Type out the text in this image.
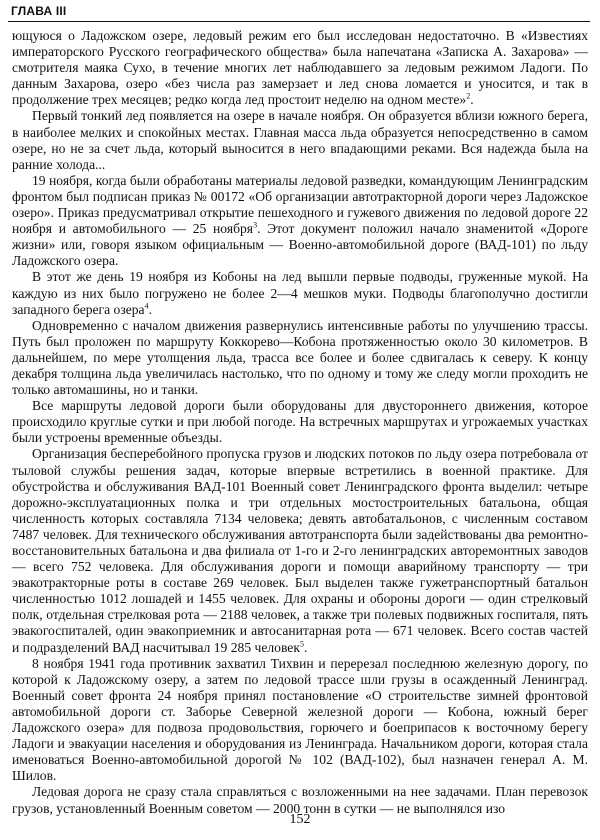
ГЛАВА III

ющуюся о Ладожском озере, ледовый режим его был исследован недостаточно. В «Известиях императорского Русского географического общества» была напечатана «Записка А. Захарова» — смотрителя маяка Сухо, в течение многих лет наблюдавшего за ледовым режимом Ладоги. По данным Захарова, озеро «без числа раз замерзает и лед снова ломается и уносится, и так в продолжение трех месяцев; редко когда лед простоит неделю на одном месте»$^2$.

Первый тонкий лед появляется на озере в начале ноября. Он образуется вблизи южного берега, в наиболее мелких и спокойных местах. Главная масса льда образуется непосредственно в самом озере, но не за счет льда, который выносится в него впадающими реками. Вся надежда была на ранние холода...

19 ноября, когда были обработаны материалы ледовой разведки, командующим Ленинградским фронтом был подписан приказ № 00172 «Об организации автотракторной дороги через Ладожское озеро». Приказ предусматривал открытие пешеходного и гужевого движения по ледовой дороге 22 ноября и автомобильного — 25 ноября$^3$. Этот документ положил начало знаменитой «Дороге жизни» или, говоря языком официальным — Военно-автомобильной дороге (ВАД-101) по льду Ладожского озера.

В этот же день 19 ноября из Кобоны на лед вышли первые подводы, груженные мукой. На каждую из них было погружено не более 2—4 мешков муки. Подводы благополучно достигли западного берега озера$^4$.

Одновременно с началом движения развернулись интенсивные работы по улучшению трассы. Путь был проложен по маршруту Коккорево—Кобона протяженностью около 30 километров. В дальнейшем, по мере утолщения льда, трасса все более и более сдвигалась к северу. К концу декабря толщина льда увеличилась настолько, что по одному и тому же следу могли проходить не только автомашины, но и танки.

Все маршруты ледовой дороги были оборудованы для двустороннего движения, которое происходило круглые сутки и при любой погоде. На встречных маршрутах и угрожаемых участках были устроены временные объезды.

Организация бесперебойного пропуска грузов и людских потоков по льду озера потребовала от тыловой службы решения задач, которые впервые встретились в военной практике. Для обустройства и обслуживания ВАД-101 Военный совет Ленинградского фронта выделил: четыре дорожно-эксплуатационных полка и три отдельных мостостроительных батальона, общая численность которых составляла 7134 человека; девять автобатальонов, с численным составом 7487 человек. Для технического обслуживания автотранспорта были задействованы два ремонтно-восстановительных батальона и два филиала от 1-го и 2-го ленинградских авторемонтных заводов — всего 752 человека. Для обслуживания дороги и помощи аварийному транспорту — три эвакотракторные роты в составе 269 человек. Был выделен также гужетранспортный батальон численностью 1012 лошадей и 1455 человек. Для охраны и обороны дороги — один стрелковый полк, отдельная стрелковая рота — 2188 человек, а также три полевых подвижных госпиталя, пять эвакогоспиталей, один эвакоприемник и автосанитарная рота — 671 человек. Всего состав частей и подразделений ВАД насчитывал 19 285 человек$^5$.

8 ноября 1941 года противник захватил Тихвин и перерезал последнюю железную дорогу, по которой к Ладожскому озеру, а затем по ледовой трассе шли грузы в осажденный Ленинград. Военный совет фронта 24 ноября принял постановление «О строительстве зимней фронтовой автомобильной дороги ст. Заборье Северной железной дороги — Кобона, южный берег Ладожского озера» для подвоза продовольствия, горючего и боеприпасов к восточному берегу Ладоги и эвакуации населения и оборудования из Ленинграда. Начальником дороги, которая стала именоваться Военно-автомобильной дорогой № 102 (ВАД-102), был назначен генерал А. М. Шилов.

Ледовая дорога не сразу стала справляться с возложенными на нее задачами. План перевозок грузов, установленный Военным советом — 2000 тонн в сутки — не выполнялся изо

152
